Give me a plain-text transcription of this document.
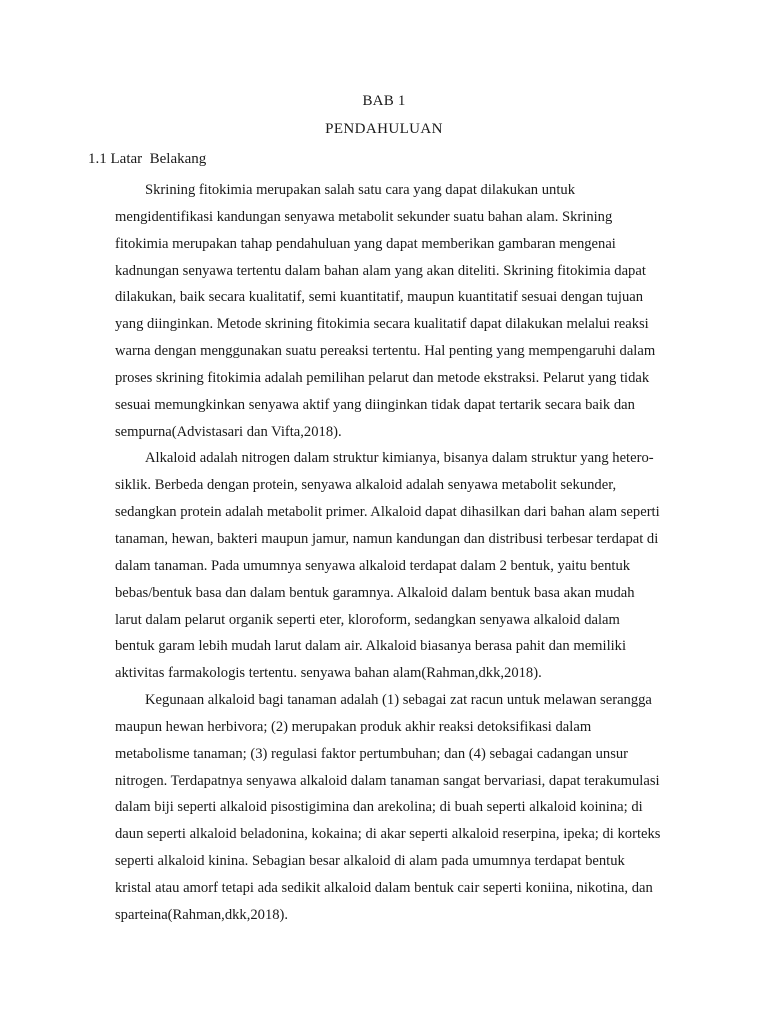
BAB 1
PENDAHULUAN
1.1 Latar  Belakang

Skrining fitokimia merupakan salah satu cara yang dapat dilakukan untuk mengidentifikasi kandungan senyawa metabolit sekunder suatu bahan alam. Skrining fitokimia merupakan tahap pendahuluan yang dapat memberikan gambaran mengenai kadnungan senyawa tertentu dalam bahan alam yang akan diteliti. Skrining fitokimia dapat dilakukan, baik secara kualitatif, semi kuantitatif, maupun kuantitatif sesuai dengan tujuan yang diinginkan. Metode skrining fitokimia secara kualitatif dapat dilakukan melalui reaksi warna dengan menggunakan suatu pereaksi tertentu. Hal penting yang mempengaruhi dalam proses skrining fitokimia adalah pemilihan pelarut dan metode ekstraksi. Pelarut yang tidak sesuai memungkinkan senyawa aktif yang diinginkan tidak dapat tertarik secara baik dan sempurna(Advistasari dan Vifta,2018).

Alkaloid adalah nitrogen dalam struktur kimianya, bisanya dalam struktur yang hetero-siklik. Berbeda dengan protein, senyawa alkaloid adalah senyawa metabolit sekunder, sedangkan protein adalah metabolit primer. Alkaloid dapat dihasilkan dari bahan alam seperti tanaman, hewan, bakteri maupun jamur, namun kandungan dan distribusi terbesar terdapat di dalam tanaman. Pada umumnya senyawa alkaloid terdapat dalam 2 bentuk, yaitu bentuk bebas/bentuk basa dan dalam bentuk garamnya. Alkaloid dalam bentuk basa akan mudah larut dalam pelarut organik seperti eter, kloroform, sedangkan senyawa alkaloid dalam bentuk garam lebih mudah larut dalam air. Alkaloid biasanya berasa pahit dan memiliki aktivitas farmakologis tertentu. senyawa bahan alam(Rahman,dkk,2018).

Kegunaan alkaloid bagi tanaman adalah (1) sebagai zat racun untuk melawan serangga maupun hewan herbivora; (2) merupakan produk akhir reaksi detoksifikasi dalam metabolisme tanaman; (3) regulasi faktor pertumbuhan; dan (4) sebagai cadangan unsur nitrogen. Terdapatnya senyawa alkaloid dalam tanaman sangat bervariasi, dapat terakumulasi dalam biji seperti alkaloid pisostigimina dan arekolina; di buah seperti alkaloid koinina; di daun seperti alkaloid beladonina, kokaina; di akar seperti alkaloid reserpina, ipeka; di korteks seperti alkaloid kinina. Sebagian besar alkaloid di alam pada umumnya terdapat bentuk kristal atau amorf tetapi ada sedikit alkaloid dalam bentuk cair seperti koniina, nikotina, dan sparteina(Rahman,dkk,2018).
